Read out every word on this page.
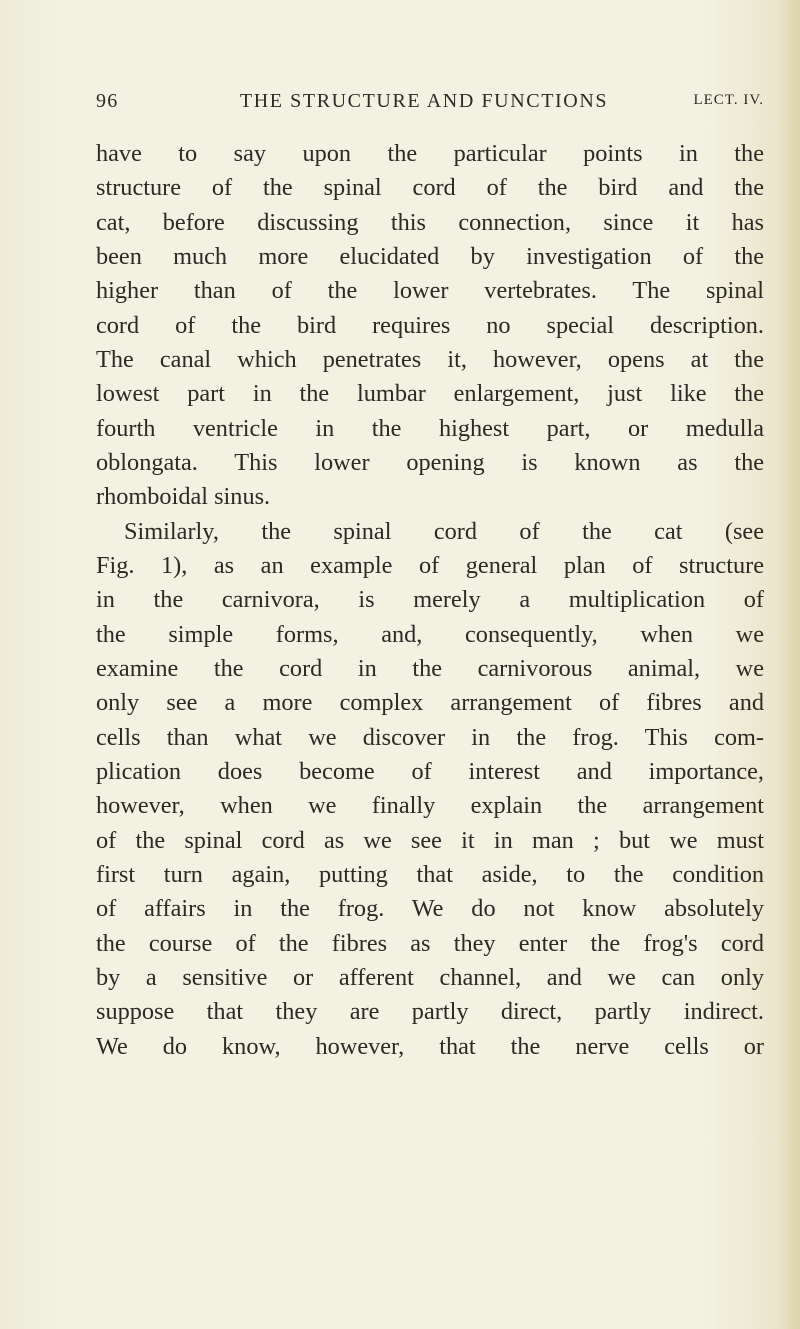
96	THE STRUCTURE AND FUNCTIONS	LECT. IV.
have to say upon the particular points in the
structure of the spinal cord of the bird and the
cat, before discussing this connection, since it has
been much more elucidated by investigation of the
higher than of the lower vertebrates. The spinal
cord of the bird requires no special description.
The canal which penetrates it, however, opens at the
lowest part in the lumbar enlargement, just like the
fourth ventricle in the highest part, or medulla
oblongata. This lower opening is known as the
rhomboidal sinus.
Similarly, the spinal cord of the cat (see
Fig. 1), as an example of general plan of structure
in the carnivora, is merely a multiplication of
the simple forms, and, consequently, when we
examine the cord in the carnivorous animal, we
only see a more complex arrangement of fibres and
cells than what we discover in the frog. This com-
plication does become of interest and importance,
however, when we finally explain the arrangement
of the spinal cord as we see it in man ; but we must
first turn again, putting that aside, to the condition
of affairs in the frog. We do not know absolutely
the course of the fibres as they enter the frog's cord
by a sensitive or afferent channel, and we can only
suppose that they are partly direct, partly indirect.
We do know, however, that the nerve cells or
